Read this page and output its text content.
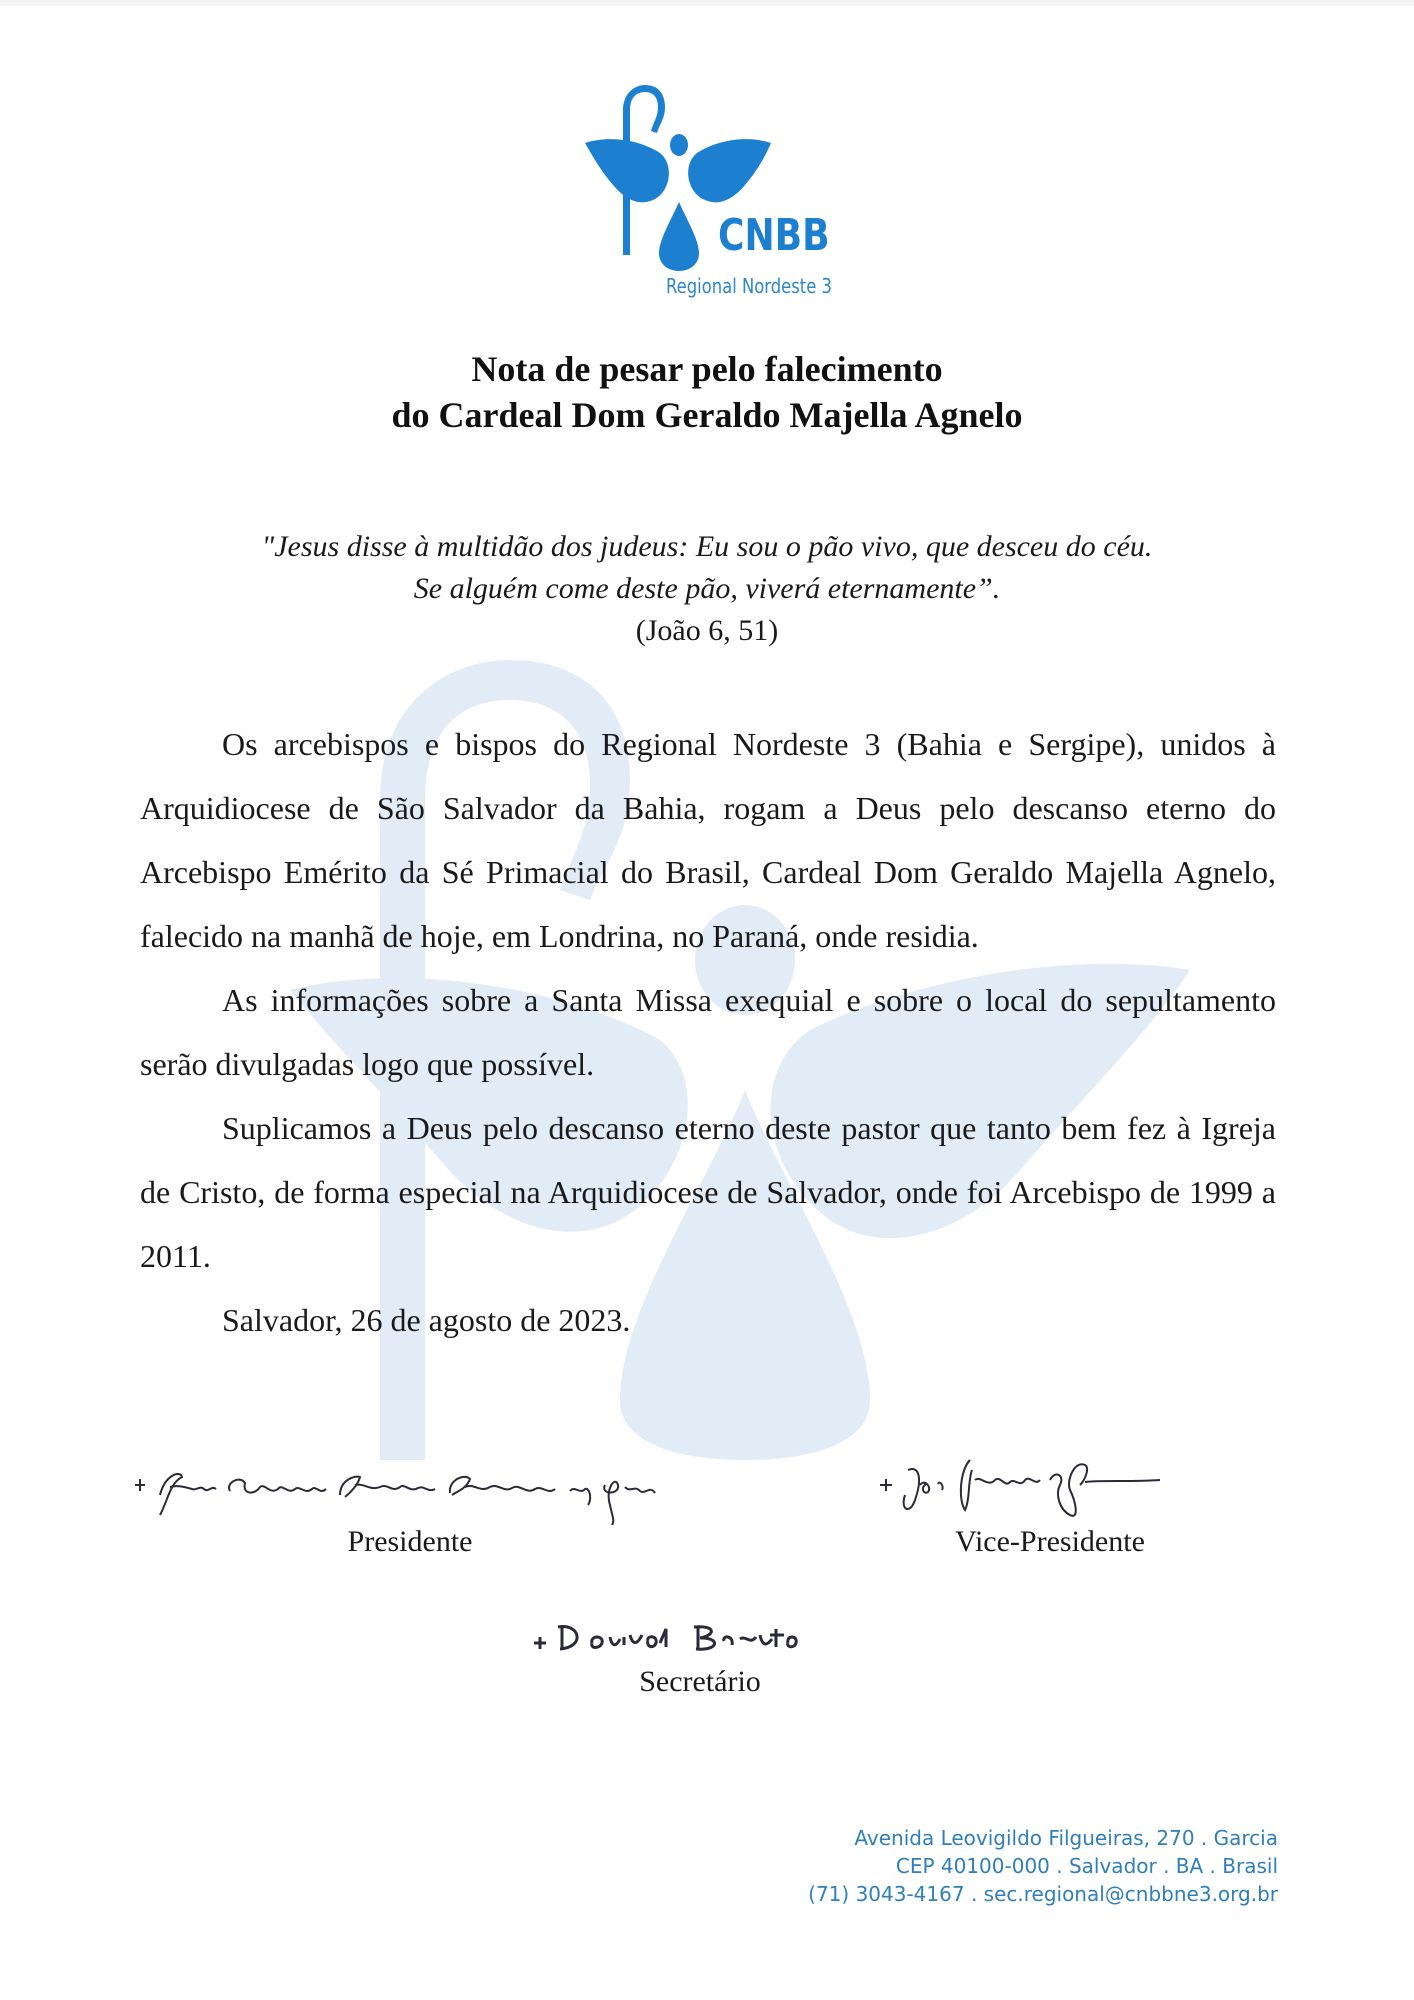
CNBB
Regional Nordeste 3
Nota de pesar pelo falecimento
do Cardeal Dom Geraldo Majella Agnelo
"Jesus disse à multidão dos judeus: Eu sou o pão vivo, que desceu do céu.
Se alguém come deste pão, viverá eternamente”.
(João 6, 51)

Os arcebispos e bispos do Regional Nordeste 3 (Bahia e Sergipe), unidos à Arquidiocese de São Salvador da Bahia, rogam a Deus pelo descanso eterno do Arcebispo Emérito da Sé Primacial do Brasil, Cardeal Dom Geraldo Majella Agnelo, falecido na manhã de hoje, em Londrina, no Paraná, onde residia.

As informações sobre a Santa Missa exequial e sobre o local do sepultamento serão divulgadas logo que possível.

Suplicamos a Deus pelo descanso eterno deste pastor que tanto bem fez à Igreja de Cristo, de forma especial na Arquidiocese de Salvador, onde foi Arcebispo de 1999 a 2011.

Salvador, 26 de agosto de 2023.

Presidente	Vice-Presidente
Secretário
Avenida Leovigildo Filgueiras, 270 . Garcia
CEP 40100-000 . Salvador . BA . Brasil
(71) 3043-4167 . sec.regional@cnbbne3.org.br
